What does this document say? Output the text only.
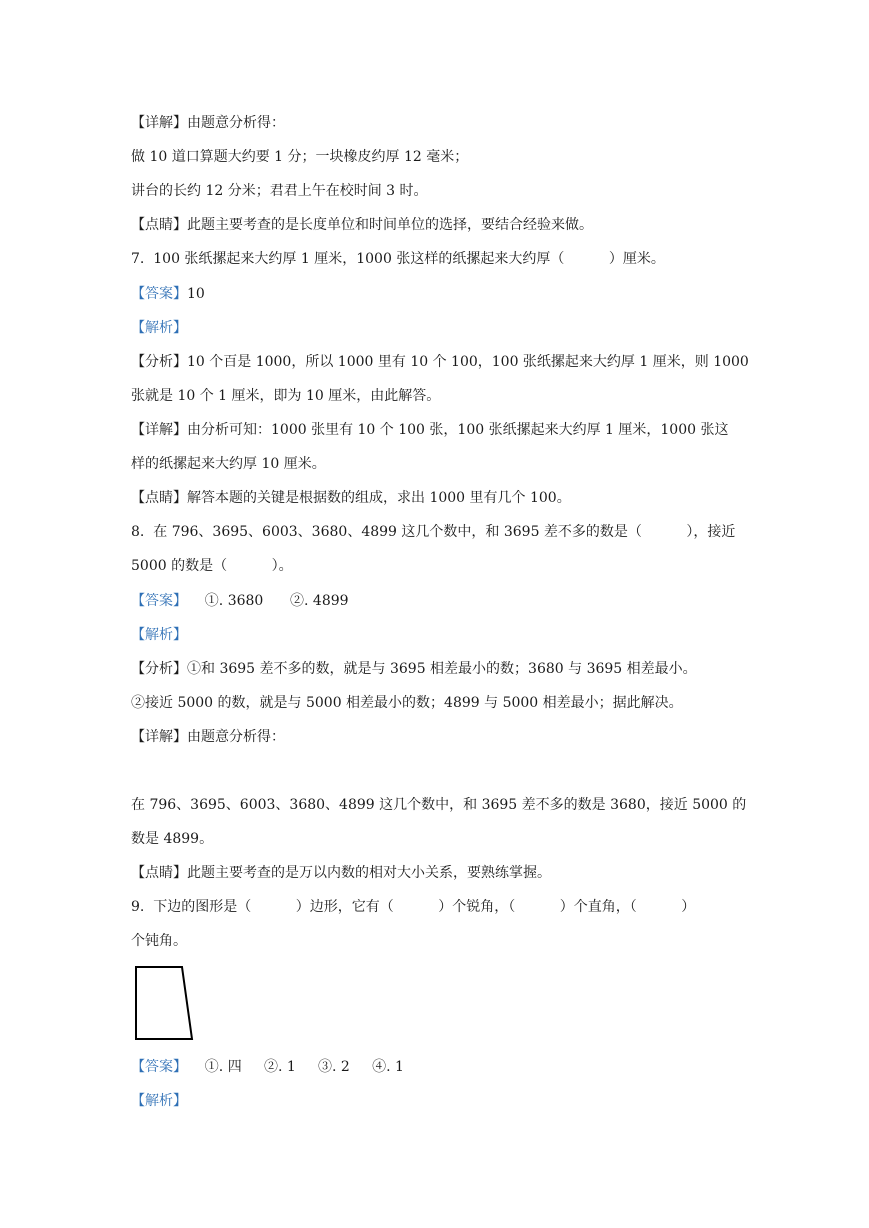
【详解】由题意分析得：
做 10 道口算题大约要 1 分；一块橡皮约厚 12 毫米；
讲台的长约 12 分米；君君上午在校时间 3 时。
【点睛】此题主要考查的是长度单位和时间单位的选择，要结合经验来做。
7.  100 张纸摞起来大约厚 1 厘米，1000 张这样的纸摞起来大约厚（          ）厘米。
【答案】10
【解析】
【分析】10 个百是 1000，所以 1000 里有 10 个 100，100 张纸摞起来大约厚 1 厘米，则 1000
张就是 10 个 1 厘米，即为 10 厘米，由此解答。
【详解】由分析可知：1000 张里有 10 个 100 张，100 张纸摞起来大约厚 1 厘米，1000 张这
样的纸摞起来大约厚 10 厘米。
【点睛】解答本题的关键是根据数的组成，求出 1000 里有几个 100。
8.  在 796、3695、6003、3680、4899 这几个数中，和 3695 差不多的数是（          ），接近
5000 的数是（          ）。
【答案】    ①. 3680      ②. 4899
【解析】
【分析】①和 3695 差不多的数，就是与 3695 相差最小的数；3680 与 3695 相差最小。
②接近 5000 的数，就是与 5000 相差最小的数；4899 与 5000 相差最小；据此解决。
【详解】由题意分析得：
在 796、3695、6003、3680、4899 这几个数中，和 3695 差不多的数是 3680，接近 5000 的
数是 4899。
【点睛】此题主要考查的是万以内数的相对大小关系，要熟练掌握。
9.  下边的图形是（          ）边形，它有（          ）个锐角，（          ）个直角，（          ）
个钝角。
【答案】    ①. 四     ②. 1     ③. 2     ④. 1
【解析】
